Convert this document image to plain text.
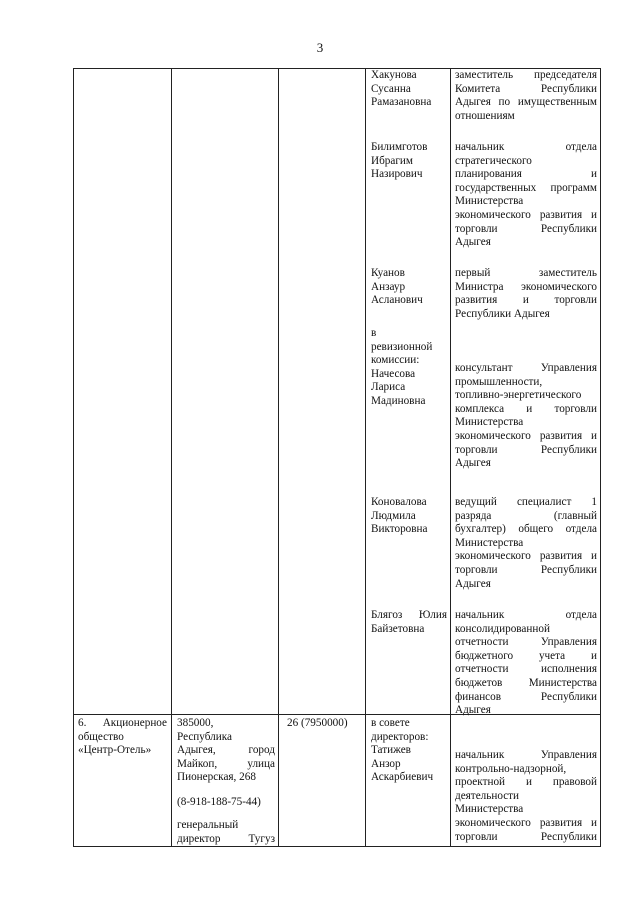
3
Хакунова
Сусанна
Рамазановна
заместитель председателя
Комитета Республики
Адыгея по имущественным
отношениям
Билимготов
Ибрагим
Назирович
начальник отдела
стратегического
планирования и
государственных программ
Министерства
экономического развития и
торговли Республики
Адыгея
Куанов
Анзаур
Асланович
первый заместитель
Министра экономического
развития и торговли
Республики Адыгея
в
ревизионной
комиссии:
Начесова
Лариса
Мадиновна
консультант Управления
промышленности,
топливно-энергетического
комплекса и торговли
Министерства
экономического развития и
торговли Республики
Адыгея
Коновалова
Людмила
Викторовна
ведущий специалист 1
разряда (главный
бухгалтер) общего отдела
Министерства
экономического развития и
торговли Республики
Адыгея
Блягоз Юлия
Байзетовна
начальник отдела
консолидированной
отчетности Управления
бюджетного учета и
отчетности исполнения
бюджетов Министерства
финансов Республики
Адыгея
6. Акционерное
общество
«Центр-Отель»
385000,
Республика
Адыгея, город
Майкоп, улица
Пионерская, 268
(8-918-188-75-44)
генеральный
директор Тугуз
26 (7950000)	в совете
директоров:
Татижев
Анзор
Аскарбиевич
начальник Управления
контрольно-надзорной,
проектной и правовой
деятельности
Министерства
экономического развития и
торговли Республики
